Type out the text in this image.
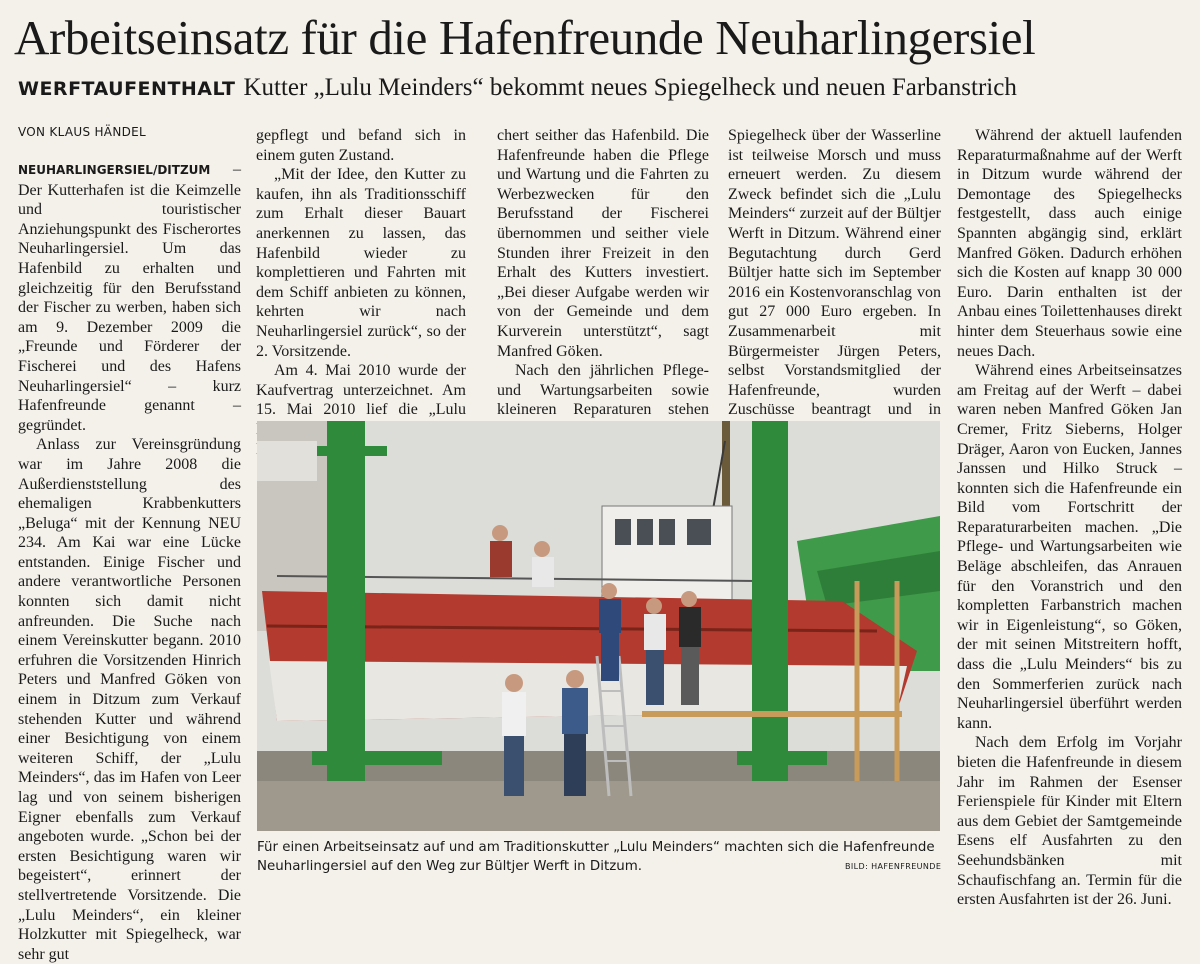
Arbeitseinsatz für die Hafenfreunde Neuharlingersiel
WERFTAUFENTHALT Kutter „Lulu Meinders“ bekommt neues Spiegelheck und neuen Farbanstrich
VON KLAUS HÄNDEL

NEUHARLINGERSIEL/DITZUM – Der Kutterhafen ist die Keimzelle und touristischer Anziehungspunkt des Fischerortes Neuharlingersiel. Um das Hafenbild zu erhalten und gleichzeitig für den Berufsstand der Fischer zu werben, haben sich am 9. Dezember 2009 die „Freunde und Förderer der Fischerei und des Hafens Neuharlingersiel“ – kurz Hafenfreunde genannt – gegründet.

Anlass zur Vereinsgründung war im Jahre 2008 die Außerdienststellung des ehemaligen Krabbenkutters „Beluga“ mit der Kennung NEU 234. Am Kai war eine Lücke entstanden. Einige Fischer und andere verantwortliche Personen konnten sich damit nicht anfreunden. Die Suche nach einem Vereinskutter begann. 2010 erfuhren die Vorsitzenden Hinrich Peters und Manfred Göken von einem in Ditzum zum Verkauf stehenden Kutter und während einer Besichtigung von einem weiteren Schiff, der „Lulu Meinders“, das im Hafen von Leer lag und von seinem bisherigen Eigner ebenfalls zum Verkauf angeboten wurde. „Schon bei der ersten Besichtigung waren wir begeistert“, erinnert der stellvertretende Vorsitzende. Die „Lulu Meinders“, ein kleiner Holzkutter mit Spiegelheck, war sehr gut

gepflegt und befand sich in einem guten Zustand.

„Mit der Idee, den Kutter zu kaufen, ihn als Traditionsschiff zum Erhalt dieser Bauart anerkennen zu lassen, das Hafenbild wieder zu komplettieren und Fahrten mit dem Schiff anbieten zu können, kehrten wir nach Neuharlingersiel zurück“, so der 2. Vorsitzende.

Am 4. Mai 2010 wurde der Kaufvertrag unterzeichnet. Am 15. Mai 2010 lief die „Lulu

chert seither das Hafenbild. Die Hafenfreunde haben die Pflege und Wartung und die Fahrten zu Werbezwecken für den Berufsstand der Fischerei übernommen und seither viele Stunden ihrer Freizeit in den Erhalt des Kutters investiert. „Bei dieser Aufgabe werden wir von der Gemeinde und dem Kurverein unterstützt“, sagt Manfred Göken.

Nach den jährlichen Pflege- und Wartungsarbeiten sowie kleineren Reparaturen stehen

Spiegelheck über der Wasserline ist teilweise Morsch und muss erneuert werden. Zu diesem Zweck befindet sich die „Lulu Meinders“ zurzeit auf der Bültjer Werft in Ditzum. Während einer Begutachtung durch Gerd Bültjer hatte sich im September 2016 ein Kostenvoranschlag von gut 27 000 Euro ergeben. In Zusammenarbeit mit Bürgermeister Jürgen Peters, selbst Vorstandsmitglied der Hafenfreunde, wurden Zuschüsse beantragt und in

Während der aktuell laufenden Reparaturmaßnahme auf der Werft in Ditzum wurde während der Demontage des Spiegelhecks festgestellt, dass auch einige Spannten abgängig sind, erklärt Manfred Göken. Dadurch erhöhen sich die Kosten auf knapp 30 000 Euro. Darin enthalten ist der Anbau eines Toilettenhauses direkt hinter dem Steuerhaus sowie eine neues Dach.

Während eines Arbeitseinsatzes am Freitag auf der Werft – dabei waren neben Manfred Göken Jan Cremer, Fritz Sieberns, Holger Dräger, Aaron von Eucken, Jannes Janssen und Hilko Struck – konnten sich die Hafenfreunde ein Bild vom Fortschritt der Reparaturarbeiten machen. „Die Pflege- und Wartungsarbeiten wie Beläge abschleifen, das Anrauen für den Voranstrich und den kompletten Farbanstrich machen wir in Eigenleistung“, so Göken, der mit seinen Mitstreitern hofft, dass die „Lulu Meinders“ bis zu den Sommerferien zurück nach Neuharlingersiel überführt werden kann.

Nach dem Erfolg im Vorjahr bieten die Hafenfreunde in diesem Jahr im Rahmen der Esenser Ferienspiele für Kinder mit Eltern aus dem Gebiet der Samtgemeinde Esens elf Ausfahrten zu den Seehundsbänken mit Schaufischfang an. Termin für die ersten Ausfahrten ist der 26. Juni.

Für einen Arbeitseinsatz auf und am Traditionskutter „Lulu Meinders“ machten sich die Hafenfreunde Neuharlingersiel auf den Weg zur Bültjer Werft in Ditzum.	BILD: HAFENFREUNDE
